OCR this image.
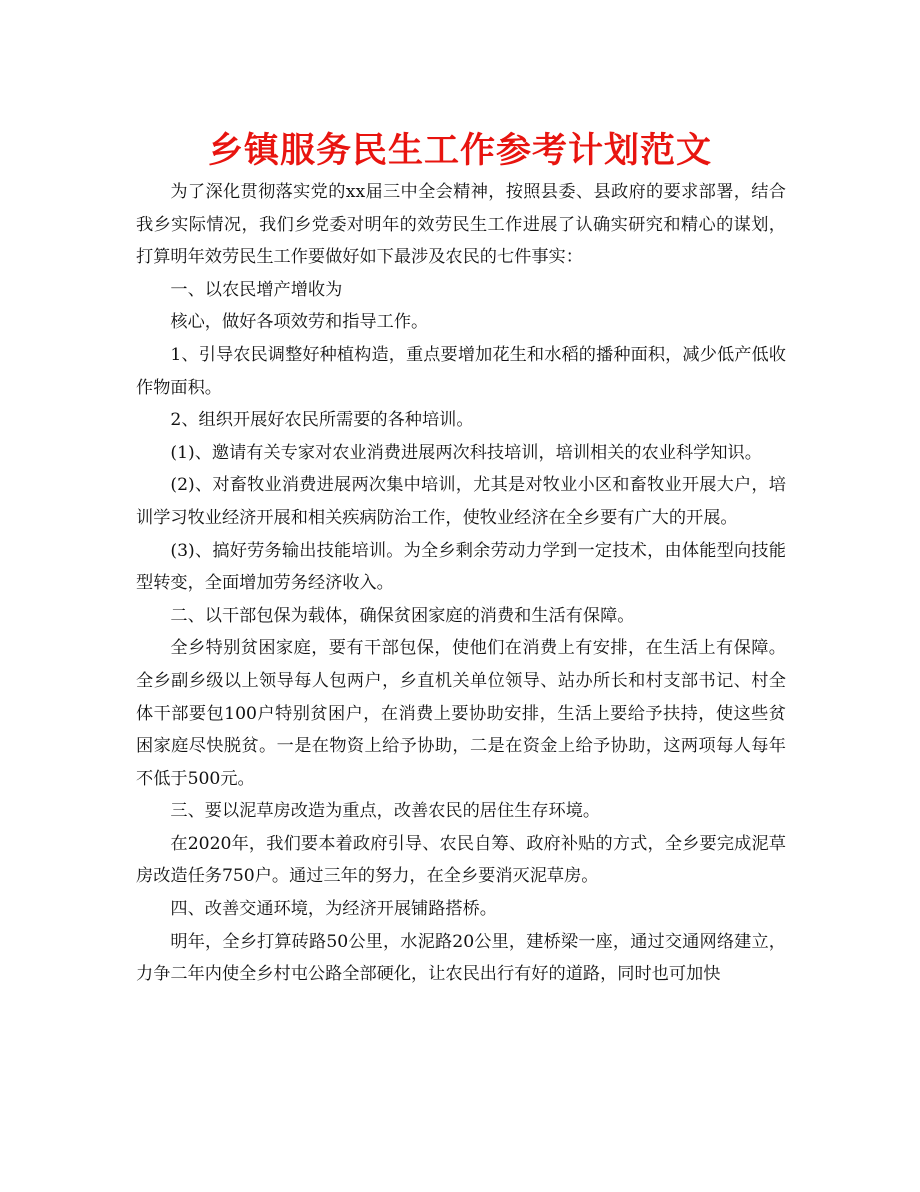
乡镇服务民生工作参考计划范文

为了深化贯彻落实党的xx届三中全会精神，按照县委、县政府的要求部署，结合我乡实际情况，我们乡党委对明年的效劳民生工作进展了认确实研究和精心的谋划，打算明年效劳民生工作要做好如下最涉及农民的七件事实：

一、以农民增产增收为

核心，做好各项效劳和指导工作。

1、引导农民调整好种植构造，重点要增加花生和水稻的播种面积，减少低产低收作物面积。

2、组织开展好农民所需要的各种培训。

(1)、邀请有关专家对农业消费进展两次科技培训，培训相关的农业科学知识。

(2)、对畜牧业消费进展两次集中培训，尤其是对牧业小区和畜牧业开展大户，培训学习牧业经济开展和相关疾病防治工作，使牧业经济在全乡要有广大的开展。

(3)、搞好劳务输出技能培训。为全乡剩余劳动力学到一定技术，由体能型向技能型转变，全面增加劳务经济收入。

二、以干部包保为载体，确保贫困家庭的消费和生活有保障。

全乡特别贫困家庭，要有干部包保，使他们在消费上有安排，在生活上有保障。全乡副乡级以上领导每人包两户，乡直机关单位领导、站办所长和村支部书记、村全体干部要包100户特别贫困户，在消费上要协助安排，生活上要给予扶持，使这些贫困家庭尽快脱贫。一是在物资上给予协助，二是在资金上给予协助，这两项每人每年不低于500元。

三、要以泥草房改造为重点，改善农民的居住生存环境。

在2020年，我们要本着政府引导、农民自筹、政府补贴的方式，全乡要完成泥草房改造任务750户。通过三年的努力，在全乡要消灭泥草房。

四、改善交通环境，为经济开展铺路搭桥。

明年，全乡打算砖路50公里，水泥路20公里，建桥梁一座，通过交通网络建立，力争二年内使全乡村屯公路全部硬化，让农民出行有好的道路，同时也可加快
